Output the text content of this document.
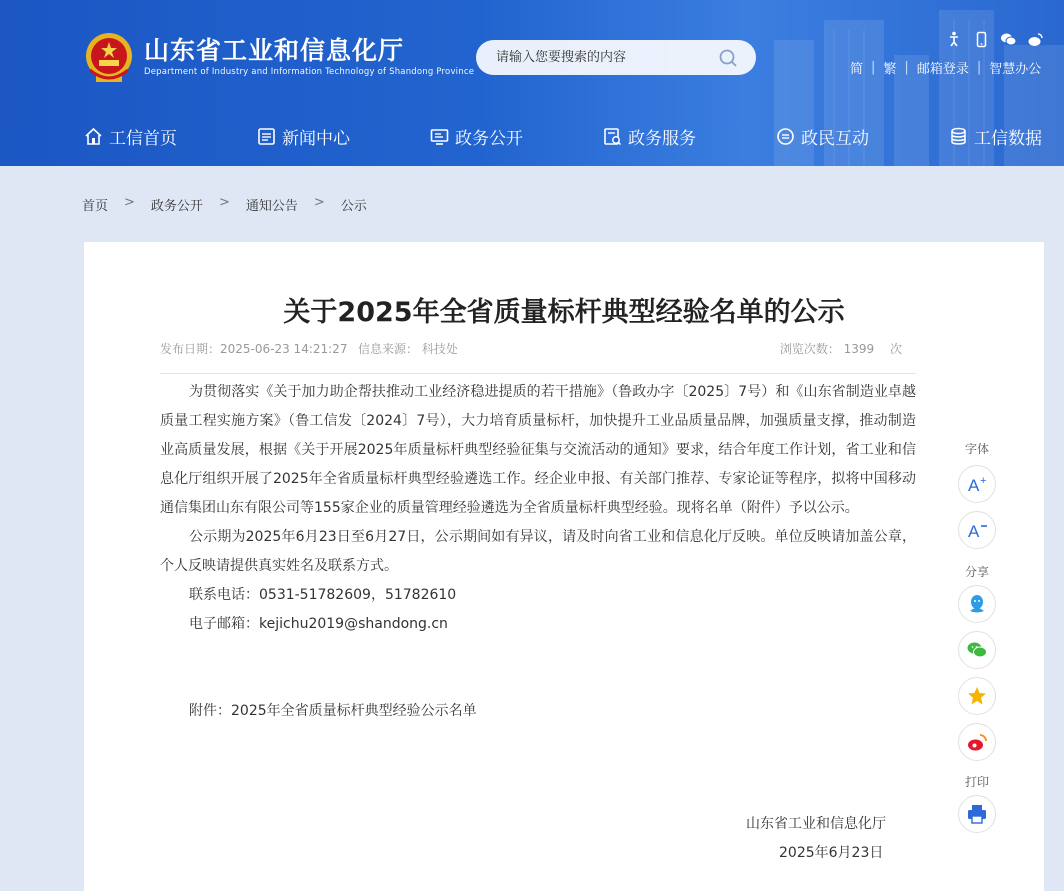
山东省工业和信息化厅
Department of Industry and Information Technology of Shandong Province
请输入您要搜索的内容	简 | 繁 | 邮箱登录 | 智慧办公
工信首页	新闻中心	政务公开	政务服务	政民互动	工信数据
首页 > 政务公开 > 通知公告 > 公示
关于2025年全省质量标杆典型经验名单的公示
发布日期：2025-06-23 14:21:27 信息来源： 科技处	浏览次数： 1399 　次

为贯彻落实《关于加力助企帮扶推动工业经济稳进提质的若干措施》（鲁政办字〔2025〕7号）和《山东省制造业卓越质量工程实施方案》（鲁工信发〔2024〕7号），大力培育质量标杆，加快提升工业品质量品牌，加强质量支撑，推动制造业高质量发展，根据《关于开展2025年质量标杆典型经验征集与交流活动的通知》要求，结合年度工作计划，省工业和信息化厅组织开展了2025年全省质量标杆典型经验遴选工作。经企业申报、有关部门推荐、专家论证等程序，拟将中国移动通信集团山东有限公司等155家企业的质量管理经验遴选为全省质量标杆典型经验。现将名单（附件）予以公示。

公示期为2025年6月23日至6月27日，公示期间如有异议，请及时向省工业和信息化厅反映。单位反映请加盖公章，个人反映请提供真实姓名及联系方式。

联系电话：0531-51782609，51782610

电子邮箱：kejichu2019@shandong.cn

附件：2025年全省质量标杆典型经验公示名单

山东省工业和信息化厅

2025年6月23日

字体
A +
A
分享
打印
